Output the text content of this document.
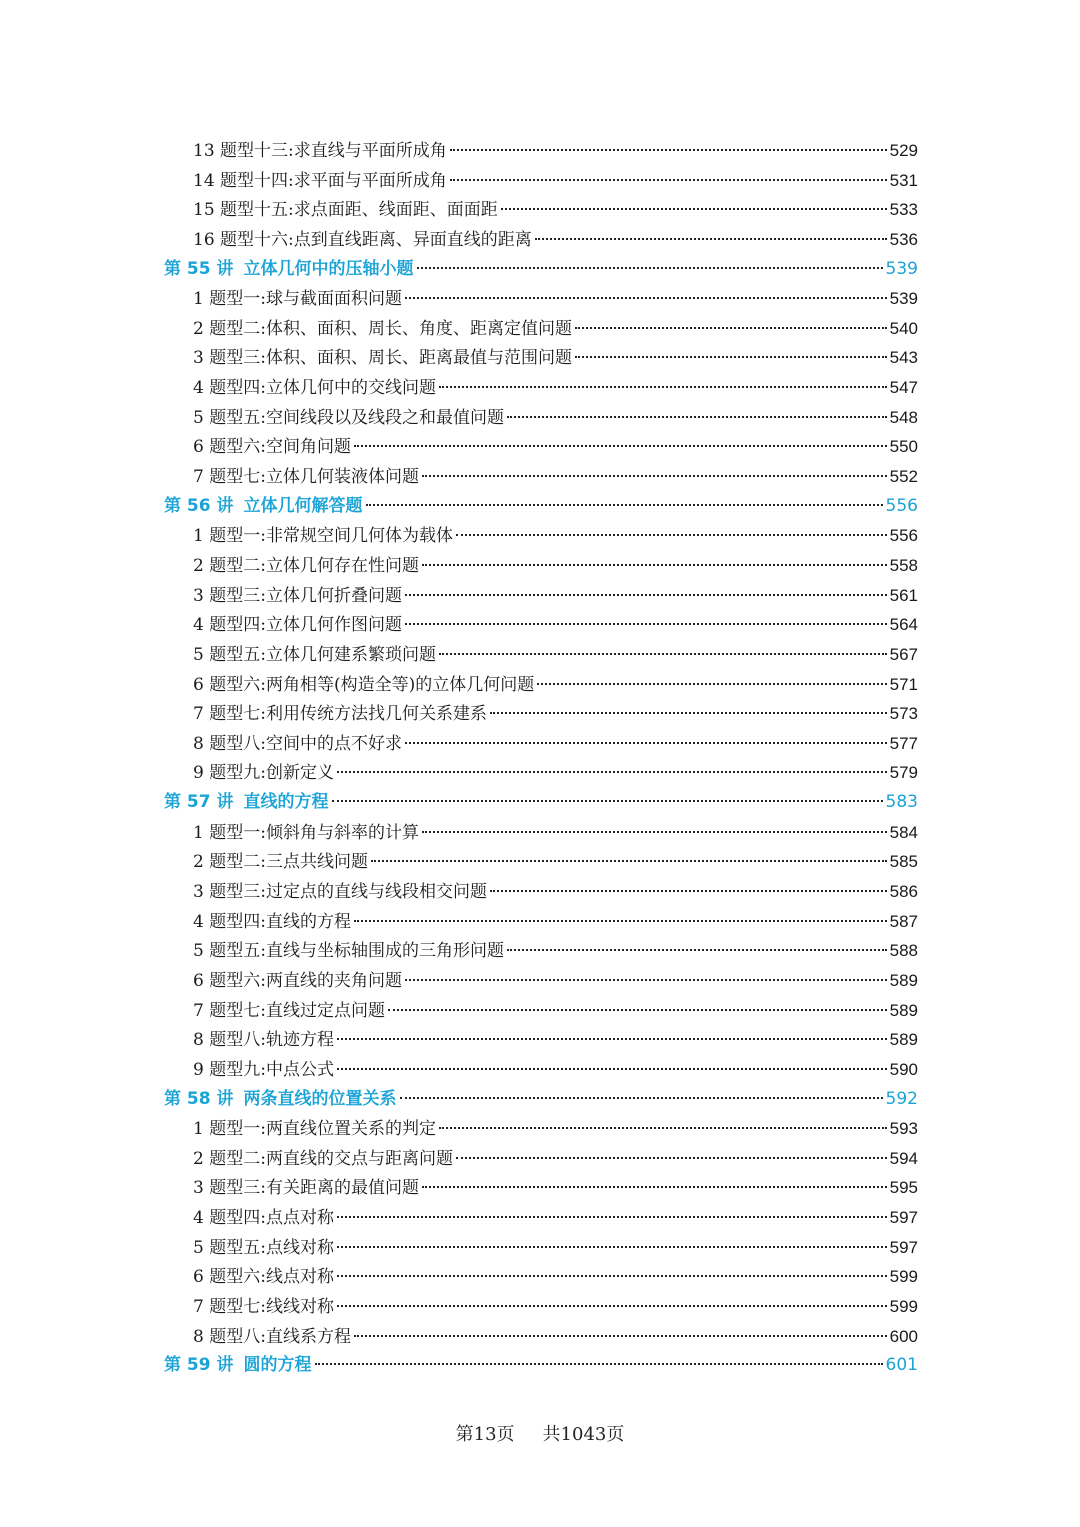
13 题型十三:求直线与平面所成角	529
14 题型十四:求平面与平面所成角	531
15 题型十五:求点面距、线面距、面面距	533
16 题型十六:点到直线距离、异面直线的距离	536
第 55 讲 立体几何中的压轴小题	539
1 题型一:球与截面面积问题	539
2 题型二:体积、面积、周长、角度、距离定值问题	540
3 题型三:体积、面积、周长、距离最值与范围问题	543
4 题型四:立体几何中的交线问题	547
5 题型五:空间线段以及线段之和最值问题	548
6 题型六:空间角问题	550
7 题型七:立体几何装液体问题	552
第 56 讲 立体几何解答题	556
1 题型一:非常规空间几何体为载体	556
2 题型二:立体几何存在性问题	558
3 题型三:立体几何折叠问题	561
4 题型四:立体几何作图问题	564
5 题型五:立体几何建系繁琐问题	567
6 题型六:两角相等(构造全等)的立体几何问题	571
7 题型七:利用传统方法找几何关系建系	573
8 题型八:空间中的点不好求	577
9 题型九:创新定义	579
第 57 讲 直线的方程	583
1 题型一:倾斜角与斜率的计算	584
2 题型二:三点共线问题	585
3 题型三:过定点的直线与线段相交问题	586
4 题型四:直线的方程	587
5 题型五:直线与坐标轴围成的三角形问题	588
6 题型六:两直线的夹角问题	589
7 题型七:直线过定点问题	589
8 题型八:轨迹方程	589
9 题型九:中点公式	590
第 58 讲 两条直线的位置关系	592
1 题型一:两直线位置关系的判定	593
2 题型二:两直线的交点与距离问题	594
3 题型三:有关距离的最值问题	595
4 题型四:点点对称	597
5 题型五:点线对称	597
6 题型六:线点对称	599
7 题型七:线线对称	599
8 题型八:直线系方程	600
第 59 讲 圆的方程	601
第13页 共1043页
